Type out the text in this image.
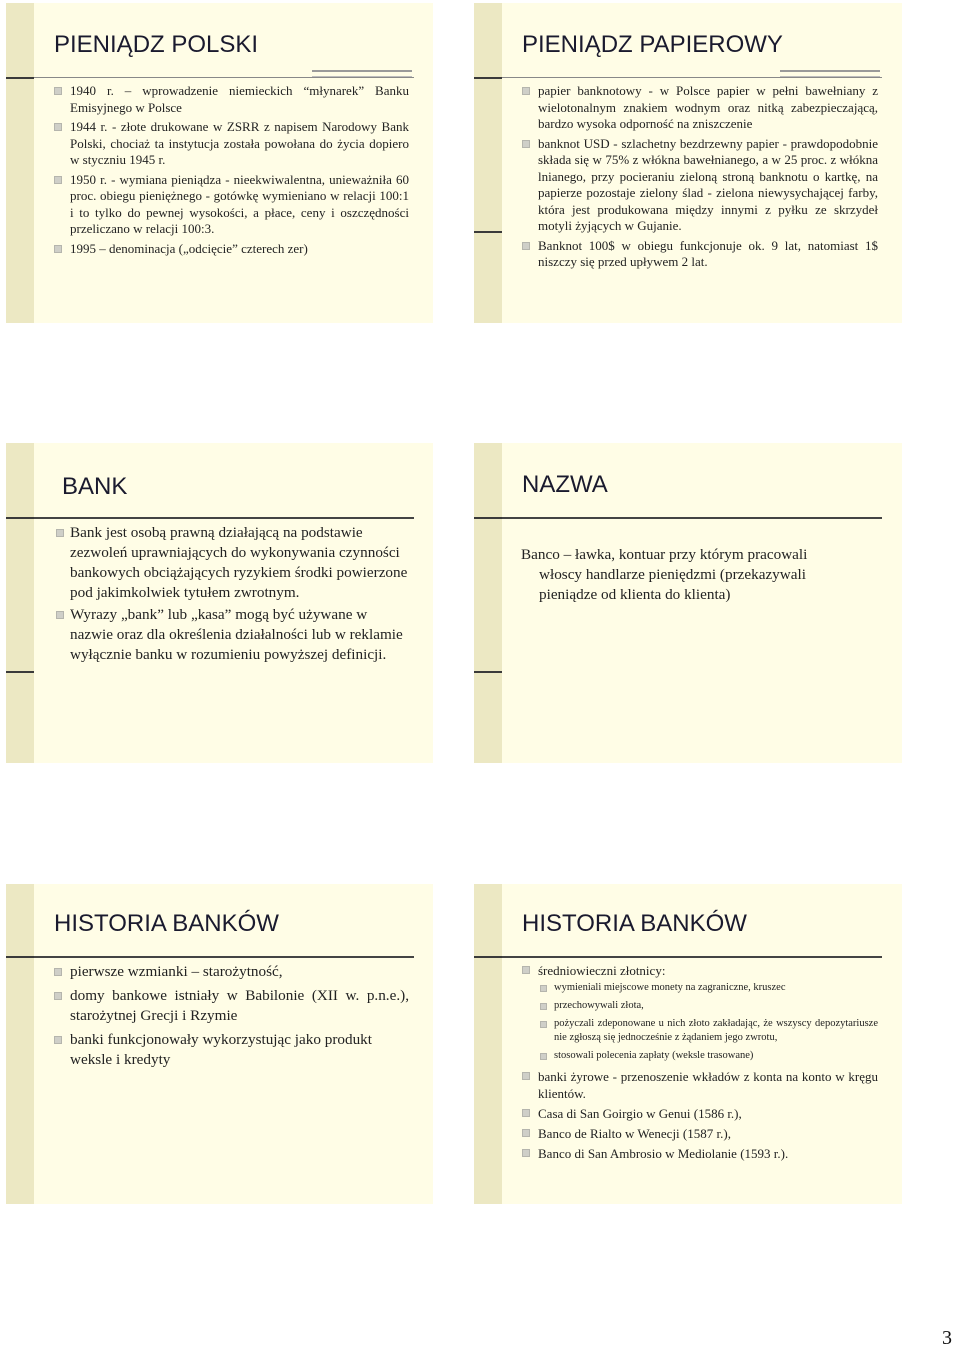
PIENIĄDZ POLSKI
1940 r. – wprowadzenie niemieckich “młynarek” Banku Emisyjnego w Polsce
1944 r. - złote drukowane w ZSRR z napisem Narodowy Bank Polski, chociaż ta instytucja została powołana do życia dopiero w styczniu 1945 r.
1950 r. - wymiana pieniądza - nieekwiwalentna, unieważniła 60 proc. obiegu pieniężnego - gotówkę wymieniano w relacji 100:1 i to tylko do pewnej wysokości, a płace, ceny i oszczędności przeliczano w relacji 100:3.
1995 – denominacja („odcięcie” czterech zer)
PIENIĄDZ PAPIEROWY
papier banknotowy - w Polsce papier w pełni bawełniany z wielotonalnym znakiem wodnym oraz nitką zabezpieczającą, bardzo wysoka odporność na zniszczenie
banknot USD - szlachetny bezdrzewny papier - prawdopodobnie składa się w 75% z włókna bawełnianego, a w 25 proc. z włókna lnianego, przy pocieraniu zieloną stroną banknotu o kartkę, na papierze pozostaje zielony ślad - zielona niewysychającej farby, która jest produkowana między innymi z pyłku ze skrzydeł motyli żyjących w Gujanie.
Banknot 100$ w obiegu funkcjonuje ok. 9 lat, natomiast 1$ niszczy się przed upływem 2 lat.
BANK
Bank jest osobą prawną działającą na podstawie zezwoleń uprawniających do wykonywania czynności bankowych obciążających ryzykiem środki powierzone pod jakimkolwiek tytułem zwrotnym.
Wyrazy „bank” lub „kasa” mogą być używane w nazwie oraz dla określenia działalności lub w reklamie wyłącznie banku w rozumieniu powyższej definicji.
NAZWA
Banco – ławka, kontuar przy którym pracowali włoscy handlarze pieniędzmi (przekazywali pieniądze od klienta do klienta)
HISTORIA BANKÓW
pierwsze wzmianki – starożytność,
domy bankowe istniały w Babilonie (XII w. p.n.e.), starożytnej Grecji i Rzymie
banki funkcjonowały wykorzystując jako produkt weksle i kredyty
HISTORIA BANKÓW
średniowieczni złotnicy:
wymieniali miejscowe monety na zagraniczne, kruszec
przechowywali złota,
pożyczali zdeponowane u nich złoto zakładając, że wszyscy depozytariusze nie zgłoszą się jednocześnie z żądaniem jego zwrotu,
stosowali polecenia zapłaty (weksle trasowane)
banki żyrowe - przenoszenie wkładów z konta na konto w kręgu klientów.
Casa di San Goirgio w Genui (1586 r.),
Banco de Rialto w Wenecji (1587 r.),
Banco di San Ambrosio w Mediolanie (1593 r.).
3
